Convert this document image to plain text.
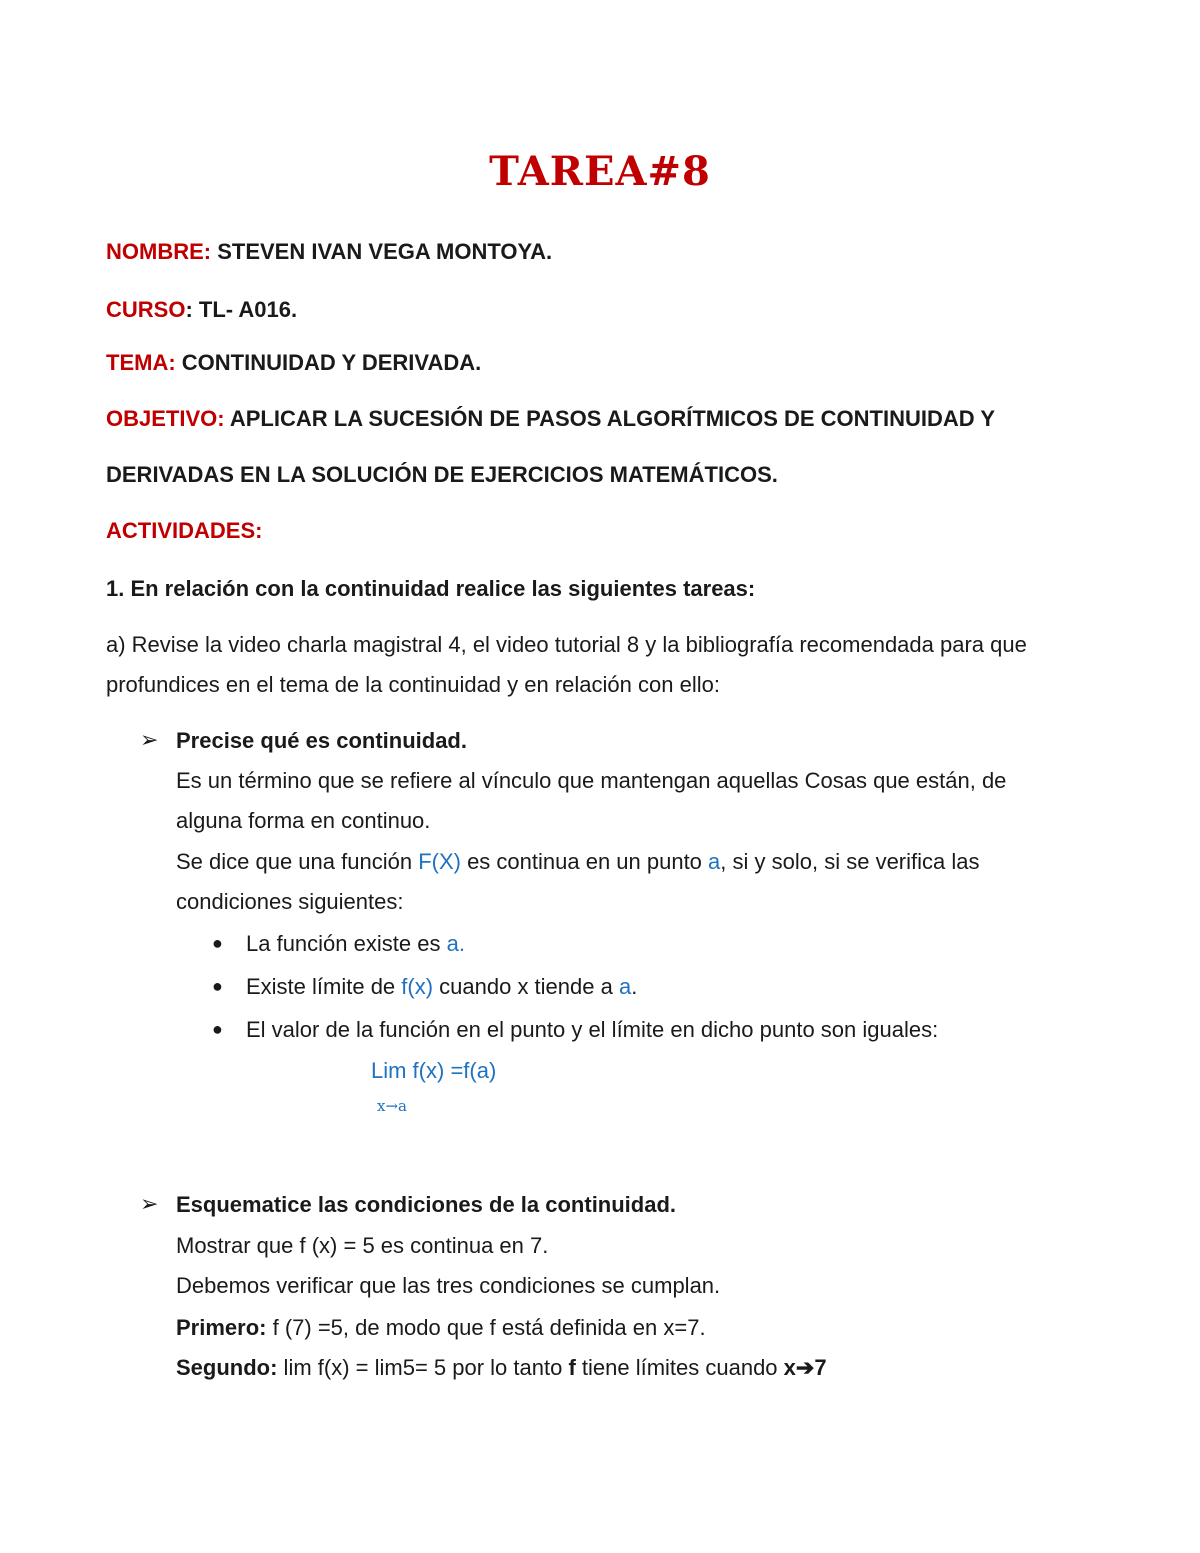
TAREA#8
NOMBRE: STEVEN IVAN VEGA MONTOYA.
CURSO: TL- A016.
TEMA: CONTINUIDAD Y DERIVADA.
OBJETIVO: APLICAR LA SUCESIÓN DE PASOS ALGORÍTMICOS DE CONTINUIDAD Y
DERIVADAS EN LA SOLUCIÓN DE EJERCICIOS MATEMÁTICOS.
ACTIVIDADES:
1. En relación con la continuidad realice las siguientes tareas:
a) Revise la video charla magistral 4, el video tutorial 8 y la bibliografía recomendada para que
profundices en el tema de la continuidad y en relación con ello:
➢ Precise qué es continuidad.
Es un término que se refiere al vínculo que mantengan aquellas Cosas que están, de
alguna forma en continuo.
Se dice que una función F(X) es continua en un punto a, si y solo, si se verifica las
condiciones siguientes:
● La función existe es a.
● Existe límite de f(x) cuando x tiende a a.
● El valor de la función en el punto y el límite en dicho punto son iguales:
Lim f(x) =f(a)
x→a
➢ Esquematice las condiciones de la continuidad.
Mostrar que f (x) = 5 es continua en 7.
Debemos verificar que las tres condiciones se cumplan.
Primero: f (7) =5, de modo que f está definida en x=7.
Segundo: lim f(x) = lim5= 5 por lo tanto f tiene límites cuando x➔7
